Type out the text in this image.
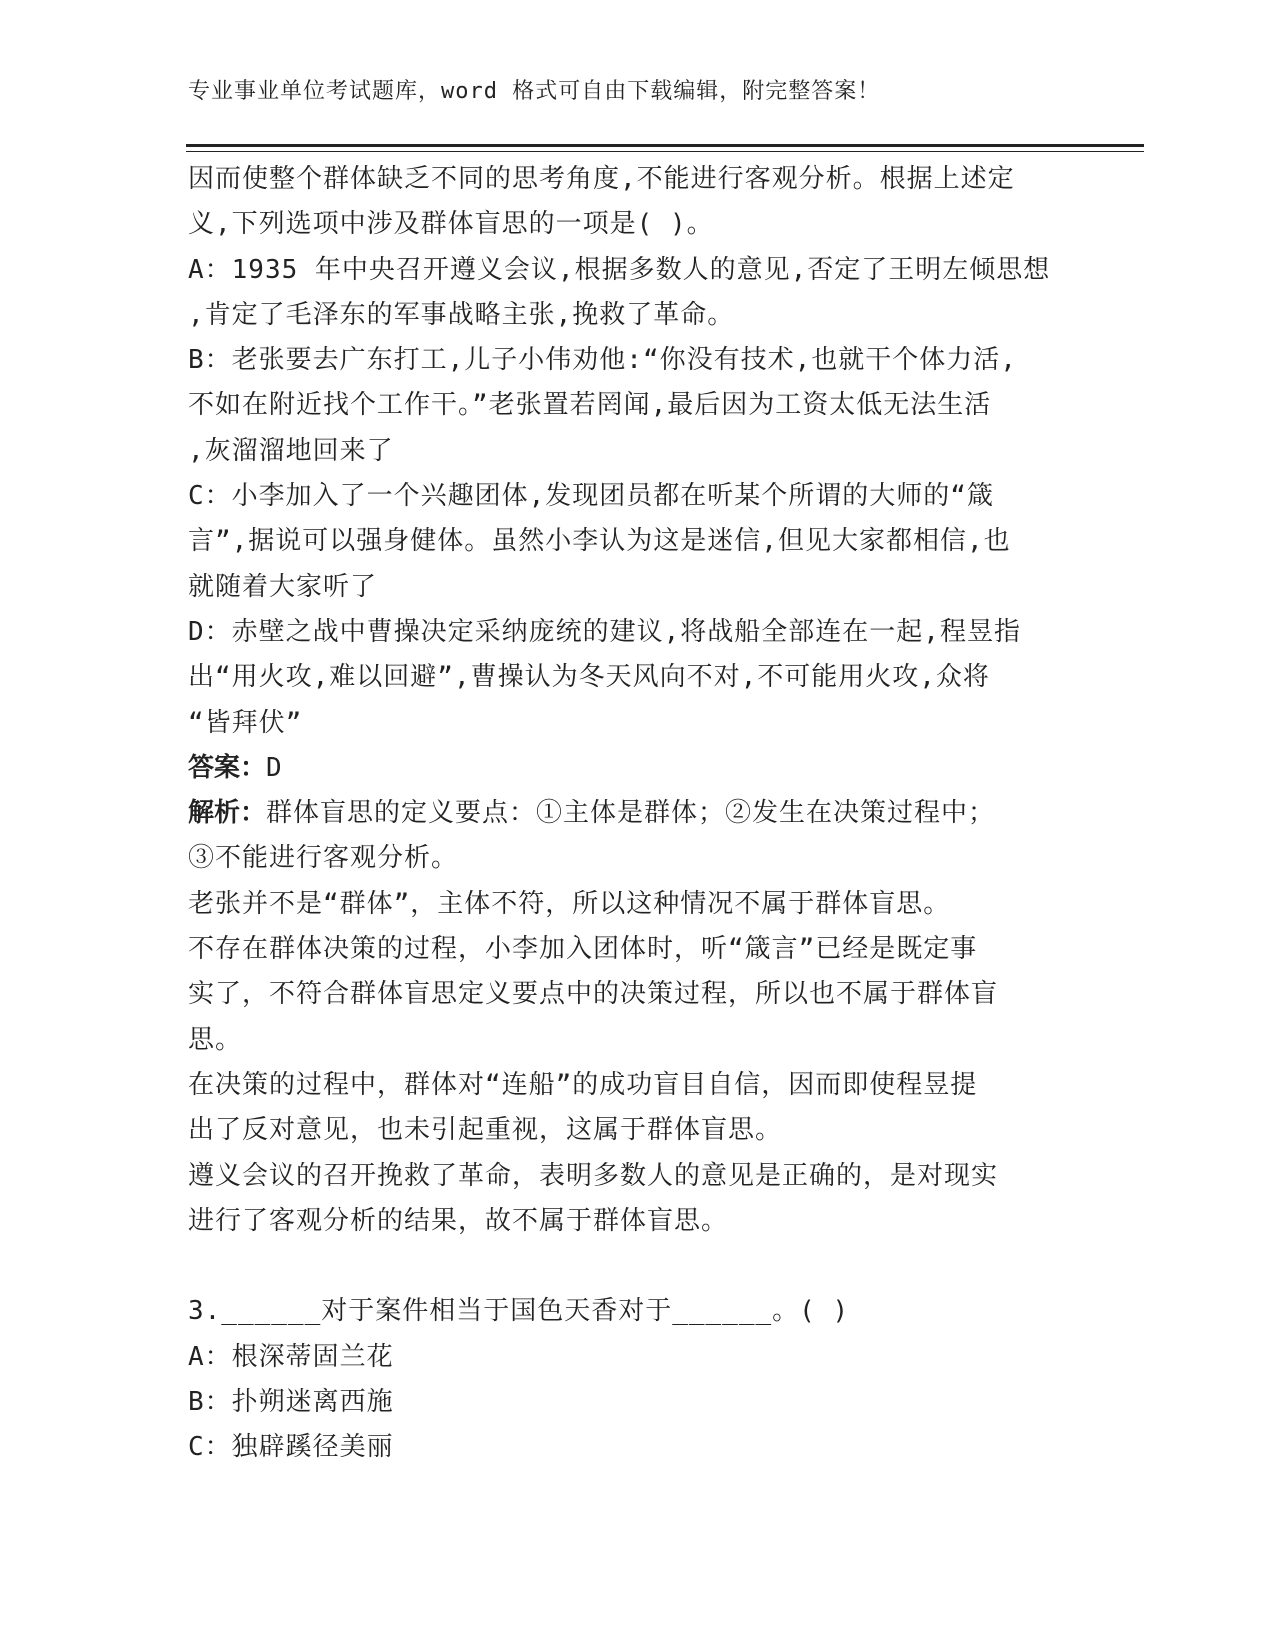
专业事业单位考试题库，word 格式可自由下载编辑，附完整答案！
因而使整个群体缺乏不同的思考角度,不能进行客观分析。根据上述定
义,下列选项中涉及群体盲思的一项是( )。
A：1935 年中央召开遵义会议,根据多数人的意见,否定了王明左倾思想
,肯定了毛泽东的军事战略主张,挽救了革命。
B：老张要去广东打工,儿子小伟劝他:“你没有技术,也就干个体力活,
不如在附近找个工作干。”老张置若罔闻,最后因为工资太低无法生活
,灰溜溜地回来了
C：小李加入了一个兴趣团体,发现团员都在听某个所谓的大师的“箴
言”,据说可以强身健体。虽然小李认为这是迷信,但见大家都相信,也
就随着大家听了
D：赤壁之战中曹操决定采纳庞统的建议,将战船全部连在一起,程昱指
出“用火攻,难以回避”,曹操认为冬天风向不对,不可能用火攻,众将
“皆拜伏”
答案：D
解析：群体盲思的定义要点：①主体是群体；②发生在决策过程中；
③不能进行客观分析。
老张并不是“群体”，主体不符，所以这种情况不属于群体盲思。
不存在群体决策的过程，小李加入团体时，听“箴言”已经是既定事
实了，不符合群体盲思定义要点中的决策过程，所以也不属于群体盲
思。
在决策的过程中，群体对“连船”的成功盲目自信，因而即使程昱提
出了反对意见，也未引起重视，这属于群体盲思。
遵义会议的召开挽救了革命，表明多数人的意见是正确的，是对现实
进行了客观分析的结果，故不属于群体盲思。
3.______对于案件相当于国色天香对于______。( )
A：根深蒂固兰花
B：扑朔迷离西施
C：独辟蹊径美丽
